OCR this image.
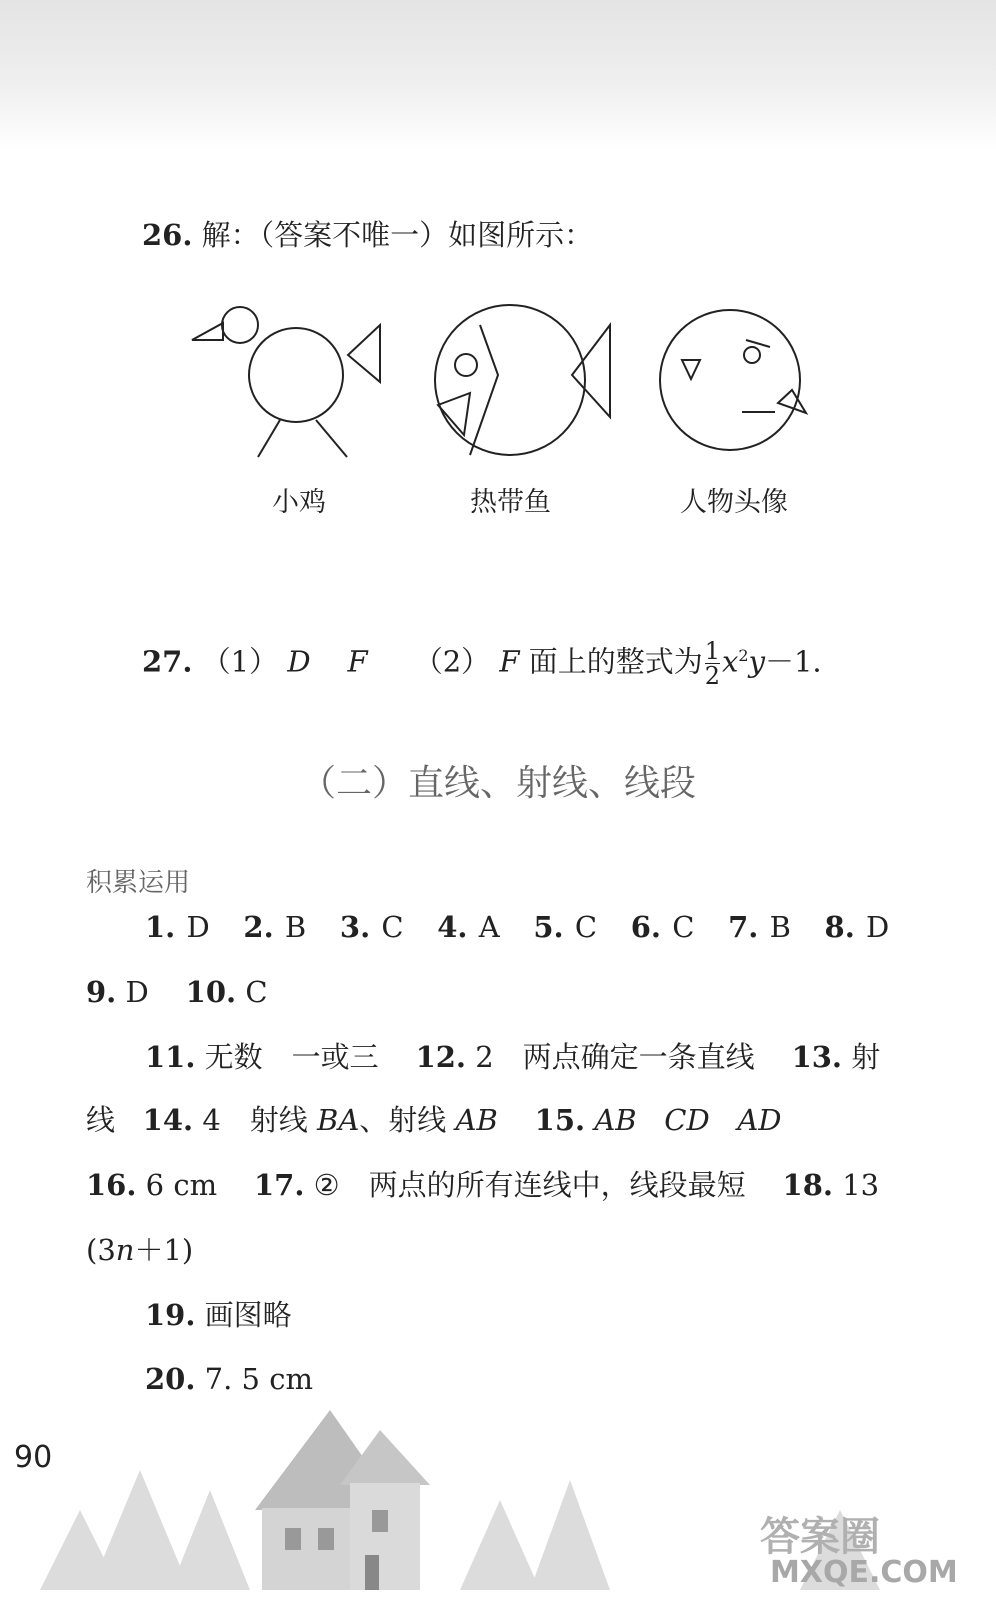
26. 解：（答案不唯一）如图所示：
小鸡	热带鱼	人物头像
27. （1） D F （2） F 面上的整式为 $\frac{1}{2} x^2y-1$.
（二）直线、射线、线段
积累运用
1. D 2. B 3. C 4. A 5. C 6. C 7. B 8. D
9. D 10. C
11. 无数　一或三 12. 2　两点确定一条直线 13. 射
线 14. 4　射线 BA、射线 AB 15. AB CD AD
16. 6 cm 17. ②　两点的所有连线中，线段最短 18. 13
(3n＋1)
19. 画图略
20. 7. 5 cm
90
答案圈
MXQE.COM
